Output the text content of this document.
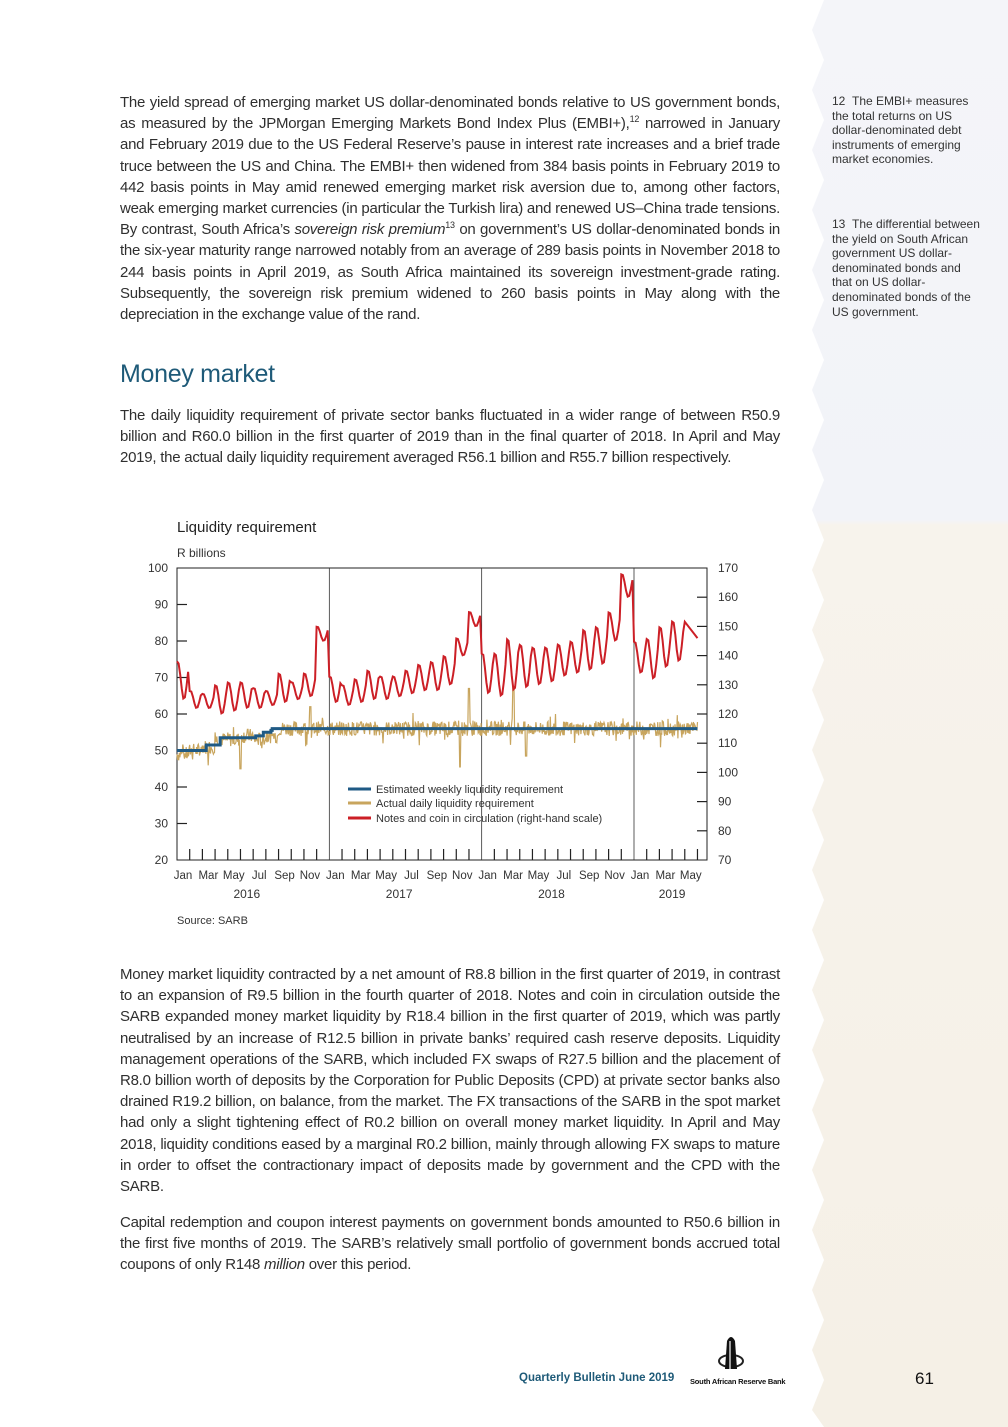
The yield spread of emerging market US dollar-denominated bonds relative to US government bonds, as measured by the JPMorgan Emerging Markets Bond Index Plus (EMBI+),$^{12}$ narrowed in January and February 2019 due to the US Federal Reserve’s pause in interest rate increases and a brief trade truce between the US and China. The EMBI+ then widened from 384 basis points in February 2019 to 442 basis points in May amid renewed emerging market risk aversion due to, among other factors, weak emerging market currencies (in particular the Turkish lira) and renewed US–China trade tensions. By contrast, South Africa’s sovereign risk premium$^{13}$ on government’s US dollar-denominated bonds in the six-year maturity range narrowed notably from an average of 289 basis points in November 2018 to 244 basis points in April 2019, as South Africa maintained its sovereign investment-grade rating. Subsequently, the sovereign risk premium widened to 260 basis points in May along with the depreciation in the exchange value of the rand.

12 The EMBI+ measures the total returns on US dollar-denominated debt instruments of emerging market economies.
13 The differential between the yield on South African government US dollar-denominated bonds and that on US dollar-denominated bonds of the US government.
Money market

The daily liquidity requirement of private sector banks fluctuated in a wider range of between R50.9 billion and R60.0 billion in the first quarter of 2019 than in the final quarter of 2018. In April and May 2019, the actual daily liquidity requirement averaged R56.1 billion and R55.7 billion respectively.

Liquidity requirement
R billions
Source: SARB
20
30
40
50
60
70
80
90
100
70
80
90
100
110
120
130
140
150
160
170
Jan Mar May Jul Sep Nov Jan Mar May Jul Sep Nov Jan Mar May Jul Sep Nov Jan Mar May
2016	2017	2018	2019
Estimated weekly liquidity requirement
Actual daily liquidity requirement
Notes and coin in circulation (right-hand scale)

Money market liquidity contracted by a net amount of R8.8 billion in the first quarter of 2019, in contrast to an expansion of R9.5 billion in the fourth quarter of 2018. Notes and coin in circulation outside the SARB expanded money market liquidity by R18.4 billion in the first quarter of 2019, which was partly neutralised by an increase of R12.5 billion in private banks’ required cash reserve deposits. Liquidity management operations of the SARB, which included FX swaps of R27.5 billion and the placement of R8.0 billion worth of deposits by the Corporation for Public Deposits (CPD) at private sector banks also drained R19.2 billion, on balance, from the market. The FX transactions of the SARB in the spot market had only a slight tightening effect of R0.2 billion on overall money market liquidity. In April and May 2018, liquidity conditions eased by a marginal R0.2 billion, mainly through allowing FX swaps to mature in order to offset the contractionary impact of deposits made by government and the CPD with the SARB.

Capital redemption and coupon interest payments on government bonds amounted to R50.6 billion in the first five months of 2019. The SARB’s relatively small portfolio of government bonds accrued total coupons of only R148 million over this period.

Quarterly Bulletin June 2019 South African Reserve Bank	61
